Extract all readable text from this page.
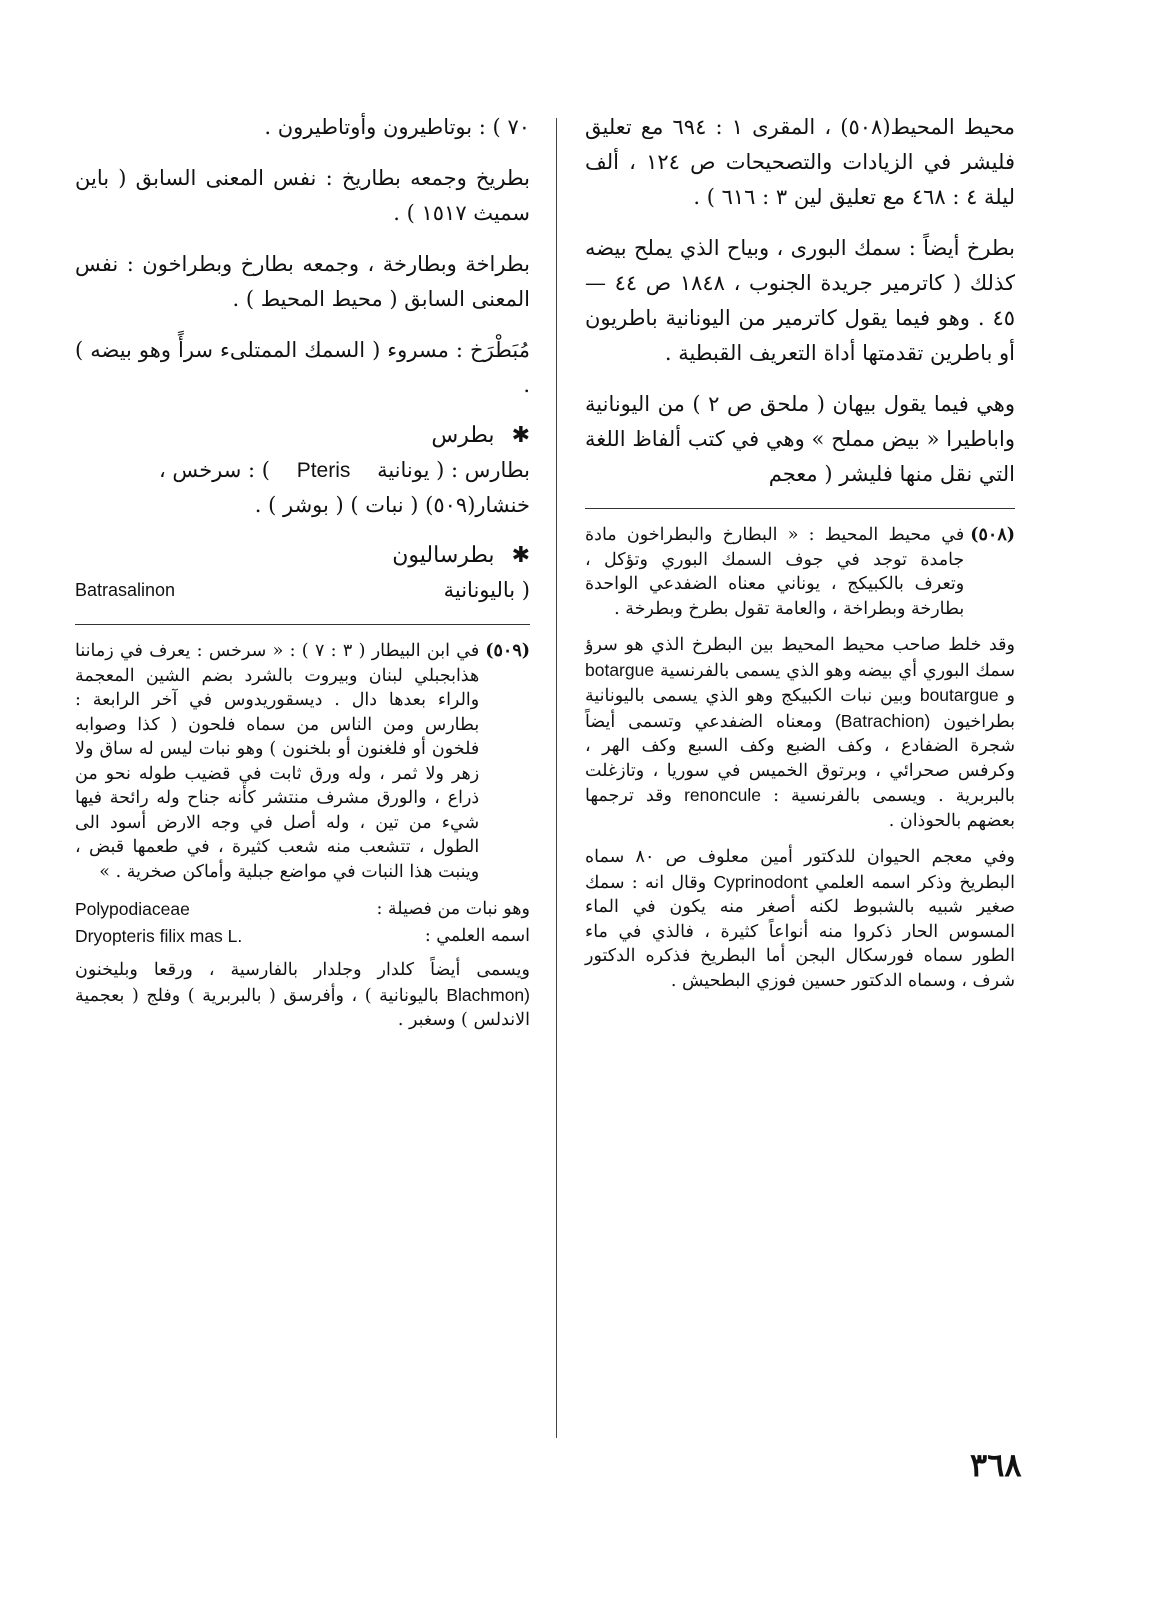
محيط المحيط(٥٠٨) ، المقرى ١ : ٦٩٤ مع تعليق فليشر في الزيادات والتصحيحات ص ١٢٤ ، ألف ليلة ٤ : ٤٦٨ مع تعليق لين ٣ : ٦١٦ ) .

بطرخ أيضاً : سمك البورى ، وبياح الذي يملح بيضه كذلك ( كاترمير جريدة الجنوب ، ١٨٤٨ ص ٤٤ — ٤٥ . وهو فيما يقول كاترمير من اليونانية باطريون أو باطرين تقدمتها أداة التعريف القبطية .

وهي فيما يقول بيهان ( ملحق ص ٢ ) من اليونانية واباطيرا « بيض مملح » وهي في كتب ألفاظ اللغة التي نقل منها فليشر ( معجم

(٥٠٨)
في محيط المحيط : « البطارخ والبطراخون مادة جامدة توجد في جوف السمك البوري وتؤكل ، وتعرف بالكبيكج ، يوناني معناه الضفدعي الواحدة بطارخة وبطراخة ، والعامة تقول بطرخ وبطرخة .

وقد خلط صاحب محيط المحيط بين البطرخ الذي هو سرؤ سمك البوري أي بيضه وهو الذي يسمى بالفرنسية botargue و boutargue وبين نبات الكبيكج وهو الذي يسمى باليونانية بطراخيون (Batrachion) ومعناه الضفدعي وتسمى أيضاً شجرة الضفادع ، وكف الضبع وكف السبع وكف الهر ، وكرفس صحرائي ، وبرتوق الخميس في سوريا ، وتازغلت بالبربرية . ويسمى بالفرنسية : renoncule وقد ترجمها بعضهم بالحوذان .

وفي معجم الحيوان للدكتور أمين معلوف ص ٨٠ سماه البطريخ وذكر اسمه العلمي Cyprinodont وقال انه : سمك صغير شبيه بالشبوط لكنه أصغر منه يكون في الماء المسوس الحار ذكروا منه أنواعاً كثيرة ، فالذي في ماء الطور سماه فورسكال البجن أما البطريخ فذكره الدكتور شرف ، وسماه الدكتور حسين فوزي البطحيش .

٧٠ ) : بوتاطيرون وأوتاطيرون .

بطريخ وجمعه بطاريخ : نفس المعنى السابق ( باين سميث ١٥١٧ ) .

بطراخة وبطارخة ، وجمعه بطارخ وبطراخون : نفس المعنى السابق ( محيط المحيط ) .

مُبَطْرَخ : مسروء ( السمك الممتلىء سرأً وهو بيضه ) .

✱ بطرس

بطارس : ( يونانية    Pteris    ) : سرخس ،

خنشار(٥٠٩) ( نبات ) ( بوشر ) .

✱ بطرساليون

( باليونانية
Batrasalinon
(٥٠٩)
في ابن البيطار ( ٣ : ٧ ) : « سرخس : يعرف في زماننا هذابجبلي لبنان وبيروت بالشرد بضم الشين المعجمة والراء بعدها دال . ديسقوريدوس في آخر الرابعة : بطارس ومن الناس من سماه فلحون ( كذا وصوابه فلخون أو فلغنون أو بلخنون ) وهو نبات ليس له ساق ولا زهر ولا ثمر ، وله ورق ثابت في قضيب طوله نحو من ذراع ، والورق مشرف منتشر كأنه جناح وله رائحة فيها شيء من تين ، وله أصل في وجه الارض أسود الى الطول ، تتشعب منه شعب كثيرة ، في طعمها قبض ، وينبت هذا النبات في مواضع جبلية وأماكن صخرية . »
وهو نبات من فصيلة :
Polypodiaceae
اسمه العلمي :
Dryopteris filix mas L.

ويسمى أيضاً كلدار وجلدار بالفارسية ، ورقعا وبليخنون Blachmon) باليونانية ) ، وأفرسق ( بالبربرية ) وفلج ( بعجمية الاندلس ) وسغبر .

٣٦٨
